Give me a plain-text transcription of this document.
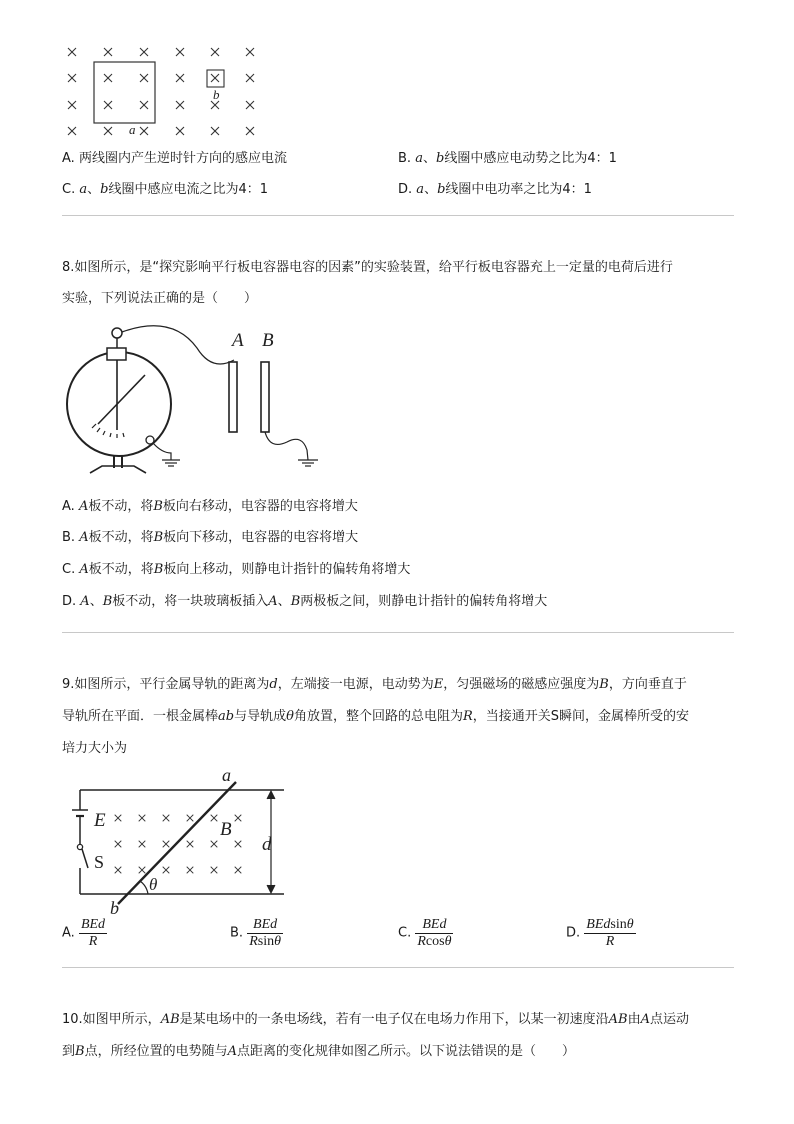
a
b
A. 两线圈内产生逆时针方向的感应电流	B. a、b线圈中感应电动势之比为4：1
C. a、b线圈中感应电流之比为4：1	D. a、b线圈中电功率之比为4：1
8.如图所示，是“探究影响平行板电容器电容的因素”的实验装置，给平行板电容器充上一定量的电荷后进行
实验，下列说法正确的是（　　）
A B
A. A板不动，将B板向右移动，电容器的电容将增大
B. A板不动，将B板向下移动，电容器的电容将增大
C. A板不动，将B板向上移动，则静电计指针的偏转角将增大
D. A、B板不动，将一块玻璃板插入A、B两极板之间，则静电计指针的偏转角将增大
9.如图所示，平行金属导轨的距离为d，左端接一电源，电动势为E，匀强磁场的磁感应强度为B，方向垂直于
导轨所在平面．一根金属棒ab与导轨成θ角放置，整个回路的总电阻为R，当接通开关S瞬间，金属棒所受的安
培力大小为
E
S
a
b
B
θ
d
A. $\frac{\text{BEd}}{R}$	B. $\frac{\text{BEd}}{Rsin\theta}$	C. $\frac{\text{BEd}}{Rcos\theta}$	D. $\frac{\text{BEdsinθ}}{R}$
10.如图甲所示，AB是某电场中的一条电场线，若有一电子仅在电场力作用下，以某一初速度沿AB由A点运动
到B点，所经位置的电势随与A点距离的变化规律如图乙所示。以下说法错误的是（　　）
